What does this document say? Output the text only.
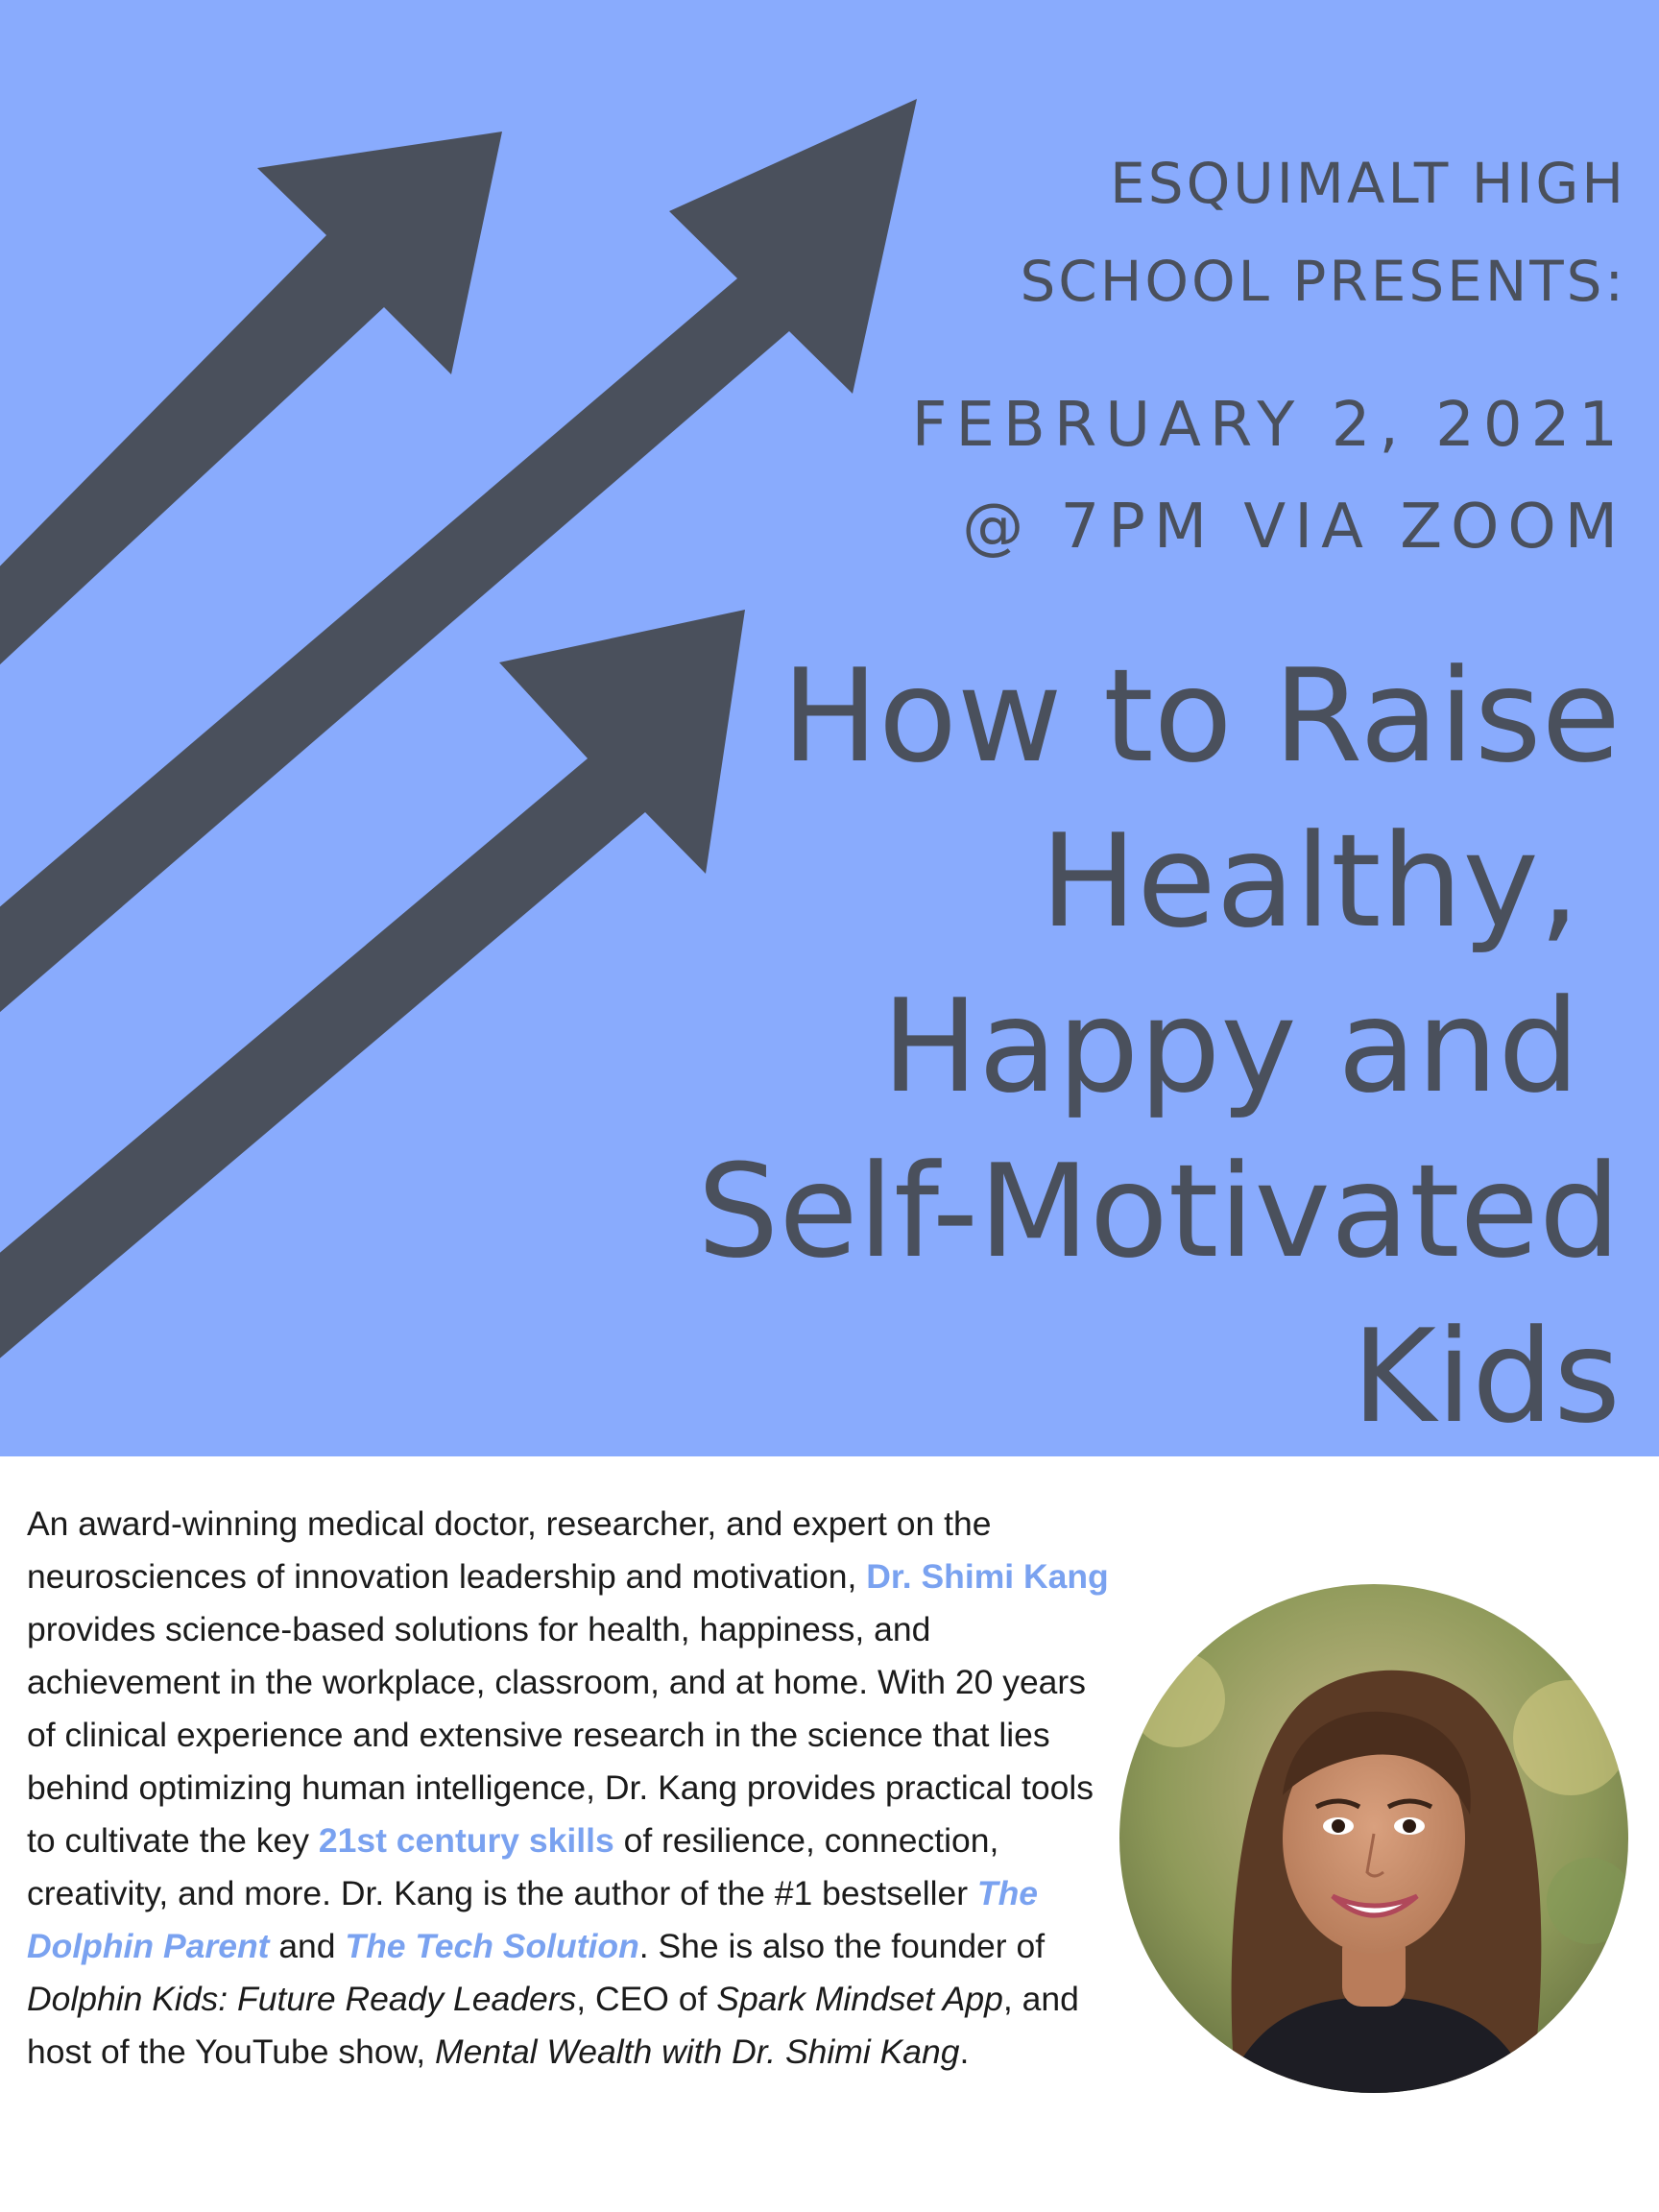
ESQUIMALT HIGH
SCHOOL PRESENTS:
FEBRUARY 2, 2021
@ 7PM VIA ZOOM
How to Raise
Healthy,
Happy and
Self-Motivated
Kids

An award-winning medical doctor, researcher, and expert on the neurosciences of innovation leadership and motivation, Dr. Shimi Kang provides science-based solutions for health, happiness, and achievement in the workplace, classroom, and at home. With 20 years of clinical experience and extensive research in the science that lies behind optimizing human intelligence, Dr. Kang provides practical tools to cultivate the key 21st century skills of resilience, connection, creativity, and more. Dr. Kang is the author of the #1 bestseller The Dolphin Parent and The Tech Solution. She is also the founder of Dolphin Kids: Future Ready Leaders, CEO of Spark Mindset App, and host of the YouTube show, Mental Wealth with Dr. Shimi Kang.
